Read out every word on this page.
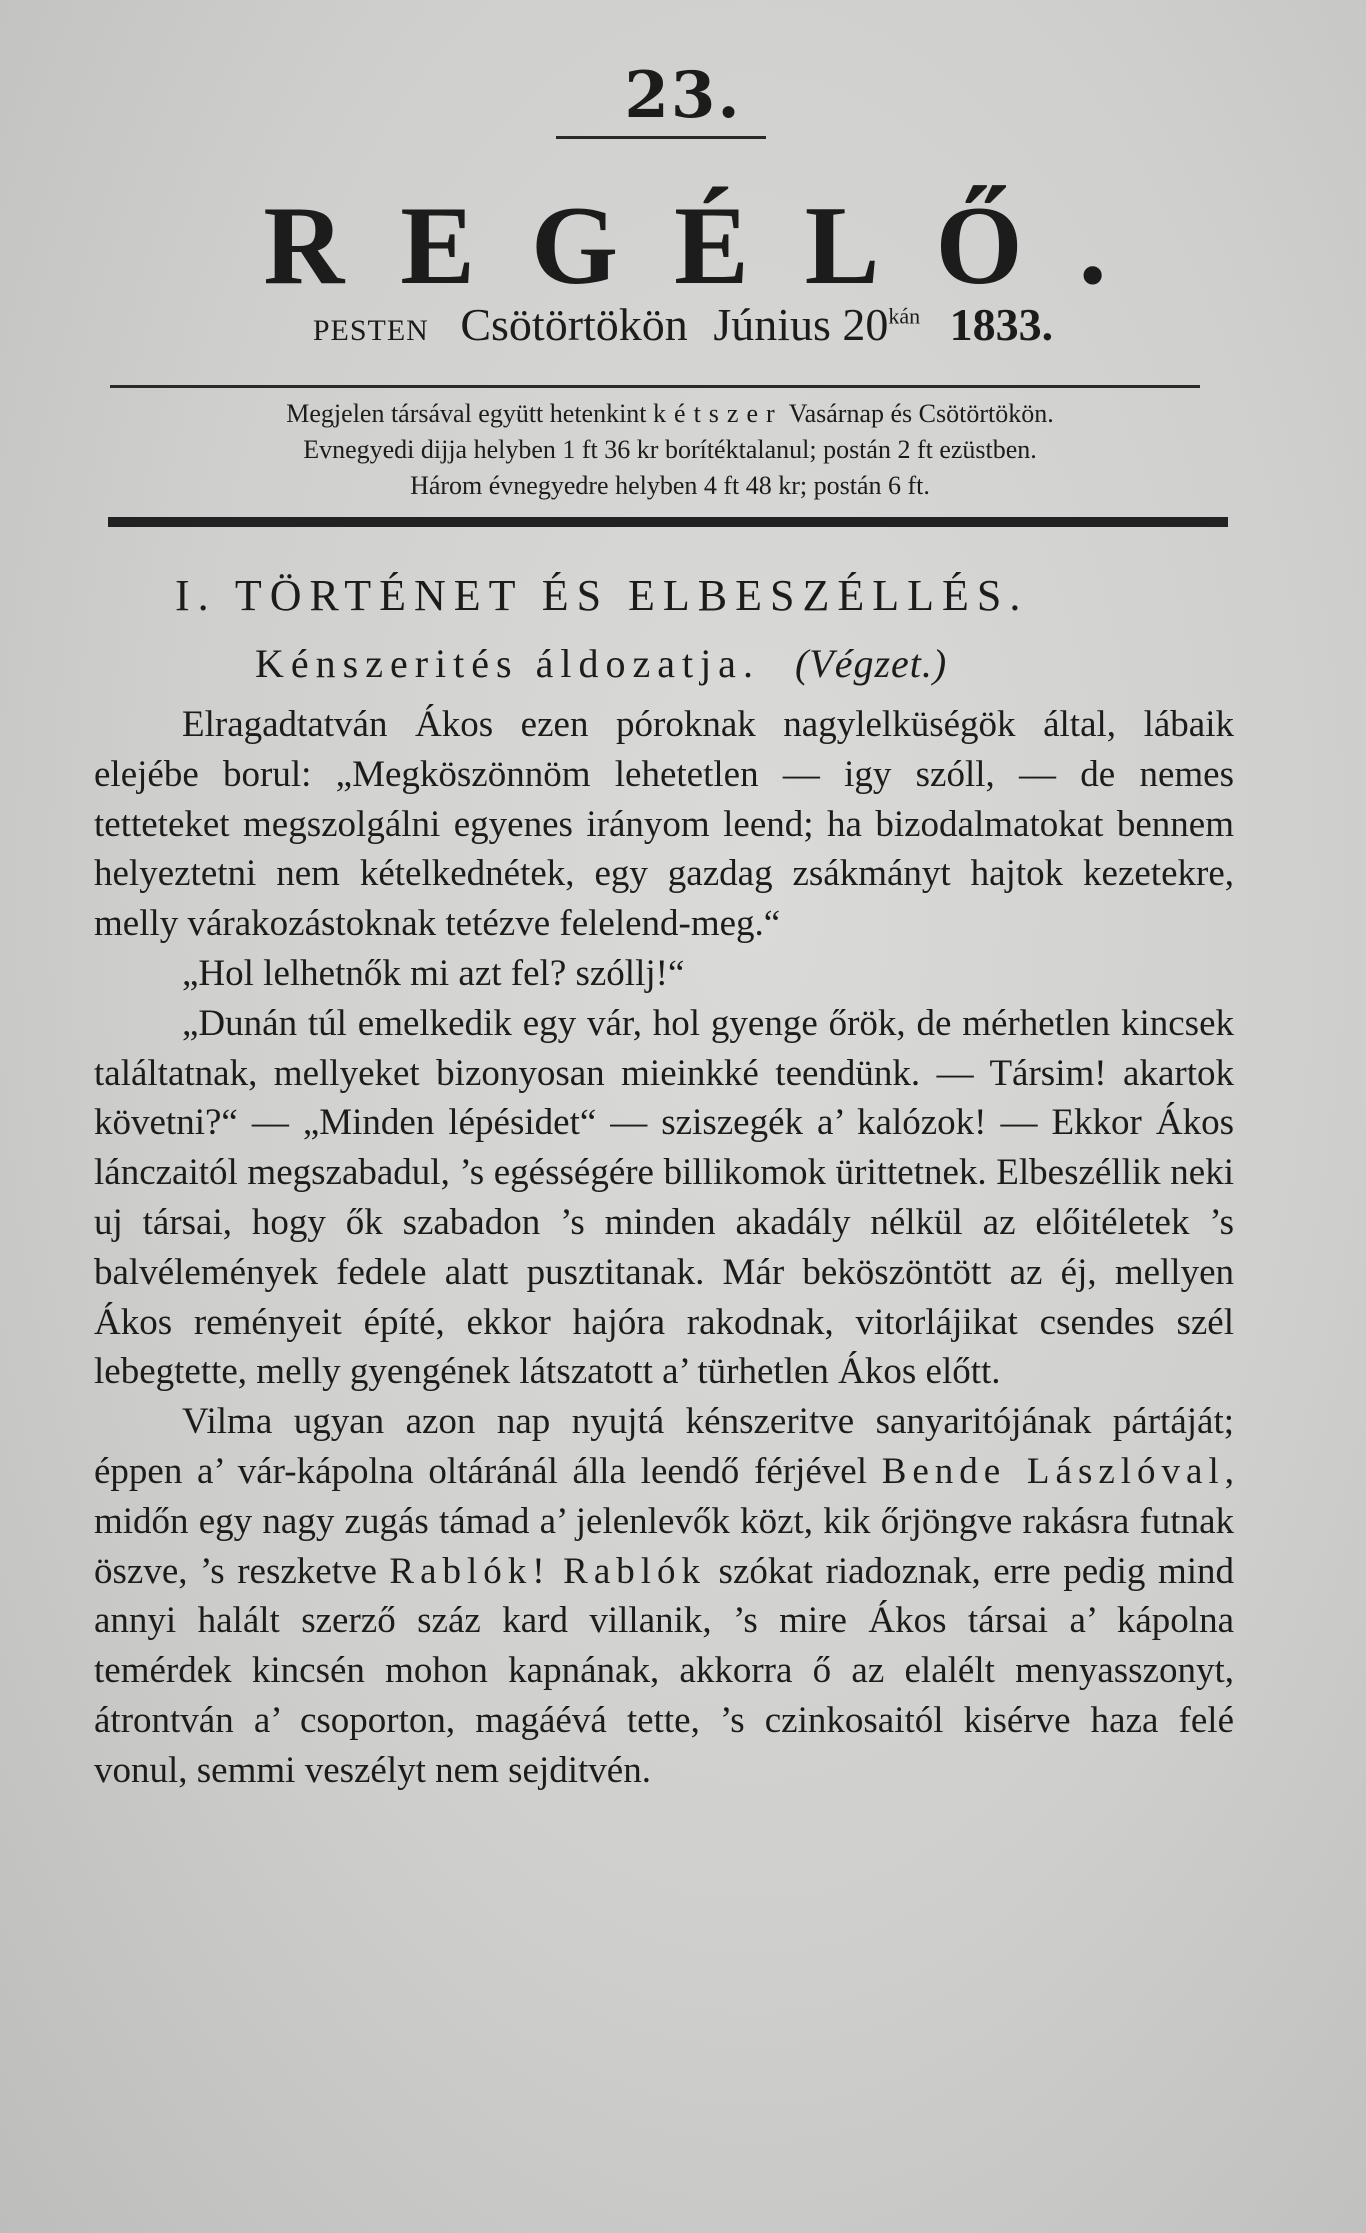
23.
REGÉLŐ.
PESTEN Csötörtökön Június $20^{kán}$ 1833.
Megjelen társával együtt hetenkint kétszer Vasárnap és Csötörtökön.
Evnegyedi dijja helyben 1 ft 36 kr borítéktalanul; postán 2 ft ezüstben.
Három évnegyedre helyben 4 ft 48 kr; postán 6 ft.
I. TÖRTÉNET ÉS ELBESZÉLLÉS.
Kénszerités áldozatja. (Végzet.)

Elragadtatván Ákos ezen póroknak nagylelküségök által, lábaik elejébe borul: „Megköszönnöm lehetetlen — igy szóll, — de nemes tetteteket megszolgálni egyenes irányom leend; ha bizodalmatokat bennem helyeztetni nem kételkednétek, egy gazdag zsákmányt hajtok kezetekre, melly várakozástoknak tetézve felelend-meg.“

„Hol lelhetnők mi azt fel? szóllj!“

„Dunán túl emelkedik egy vár, hol gyenge őrök, de mérhetlen kincsek találtatnak, mellyeket bizonyosan mieinkké teendünk. — Társim! akartok követni?“ — „Minden lépésidet“ — sziszegék a’ kalózok! — Ekkor Ákos lánczaitól megszabadul, ’s egésségére billikomok ürittetnek. Elbeszéllik neki uj társai, hogy ők szabadon ’s minden akadály nélkül az előitéletek ’s balvélemények fedele alatt pusztitanak. Már beköszöntött az éj, mellyen Ákos reményeit építé, ekkor hajóra rakodnak, vitorlájikat csendes szél lebegtette, melly gyengének látszatott a’ türhetlen Ákos előtt.

Vilma ugyan azon nap nyujtá kénszeritve sanyaritójának pártáját; éppen a’ vár-kápolna oltáránál álla leendő férjével Bende Lászlóval, midőn egy nagy zugás támad a’ jelenlevők közt, kik őrjöngve rakásra futnak öszve, ’s reszketve Rablók! Rablók szókat riadoznak, erre pedig mind annyi halált szerző száz kard villanik, ’s mire Ákos társai a’ kápolna temérdek kincsén mohon kapnának, akkorra ő az elalélt menyasszonyt, átrontván a’ csoporton, magáévá tette, ’s czinkosaitól kisérve haza felé vonul, semmi veszélyt nem sejditvén.
